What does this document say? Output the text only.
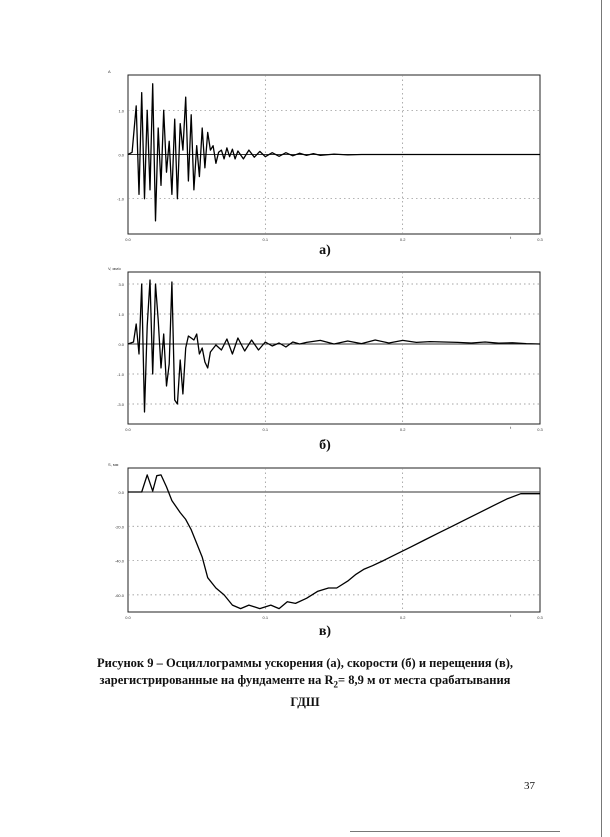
1.0
0.0
-1.0
0.0	0.1	0.2	0.3
A
t
а)
3.0
1.0
0.0
-1.0
-3.0
0.0	0.1	0.2	0.3
V, мм/с
t
б)
0.0
-20.0
-40.0
-60.0
0.0	0.1	0.2	0.3
S, мм
t
в)
Рисунок 9 – Осциллограммы ускорения (а), скорости (б) и перещения (в),
зарегистрированные на фундаменте на $R_2= 8,9$ м от места срабатывания
ГДШ
37
